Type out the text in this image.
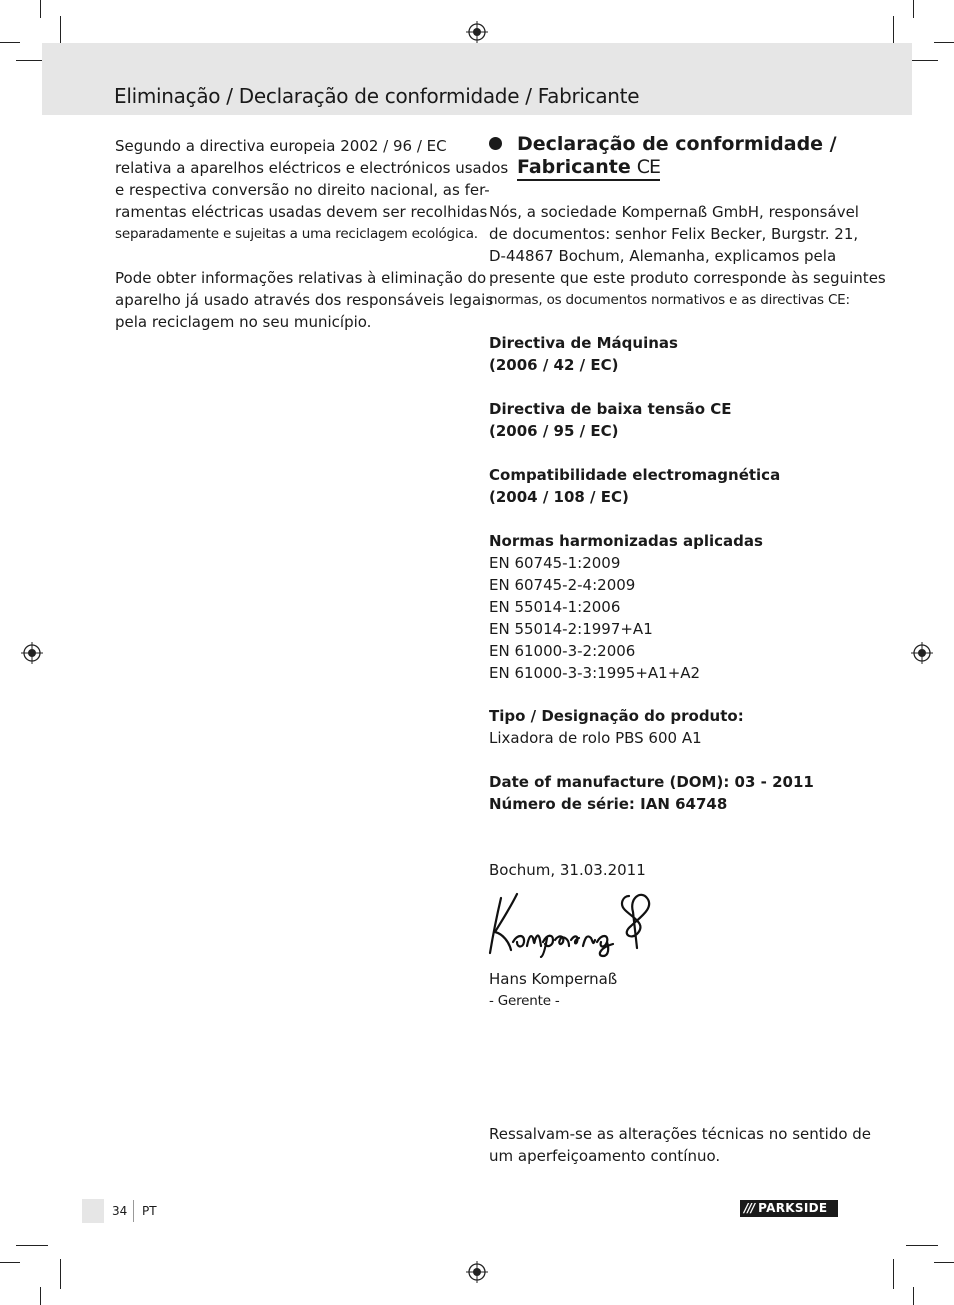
Eliminação / Declaração de conformidade / Fabricante
Segundo a directiva europeia 2002 / 96 / EC
relativa a aparelhos eléctricos e electrónicos usados
e respectiva conversão no direito nacional, as fer-
ramentas eléctricas usadas devem ser recolhidas
separadamente e sujeitas a uma reciclagem ecológica.
Pode obter informações relativas à eliminação do
aparelho já usado através dos responsáveis legais
pela reciclagem no seu município.
Declaração de conformidade /
Fabricante CE
Nós, a sociedade Kompernaß GmbH, responsável
de documentos: senhor Felix Becker, Burgstr. 21,
D-44867 Bochum, Alemanha, explicamos pela
presente que este produto corresponde às seguintes
normas, os documentos normativos e as directivas CE:
Directiva de Máquinas
(2006 / 42 / EC)
Directiva de baixa tensão CE
(2006 / 95 / EC)
Compatibilidade electromagnética
(2004 / 108 / EC)
Normas harmonizadas aplicadas
EN 60745-1:2009
EN 60745-2-4:2009
EN 55014-1:2006
EN 55014-2:1997+A1
EN 61000-3-2:2006
EN 61000-3-3:1995+A1+A2
Tipo / Designação do produto:
Lixadora de rolo PBS 600 A1
Date of manufacture (DOM): 03 - 2011
Número de série: IAN 64748
Bochum, 31.03.2011
Hans Kompernaß
- Gerente -
Ressalvam-se as alterações técnicas no sentido de
um aperfeiçoamento contínuo.
34 PT	/// PARKSIDE
